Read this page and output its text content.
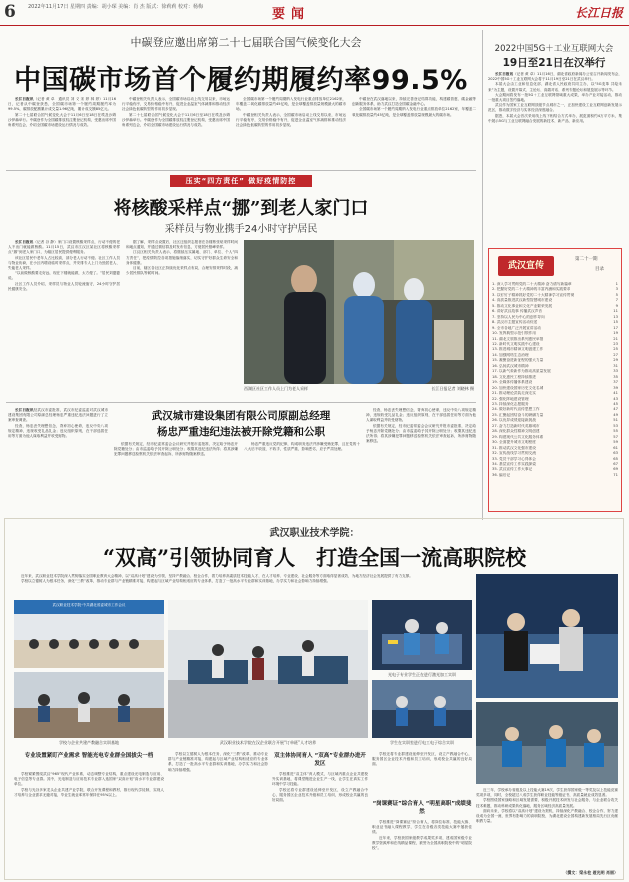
6 2022年11月17日 星期四 责编：胡小琛 美编：肖 杰 版式：徐莉莉 校对：杨梅	要闻	长江日报
中碳登应邀出席第二十七届联合国气候变化大会
中国碳市场首个履约期履约率99.5%

长江日报讯（记者 黄 卓　通讯员 刘 义 宋 婷 林 婷）11月16日，记者从中碳登获悉，全国碳市场第一个履约周期履约率为99.5%，碳排放配额累计成交量1.96亿吨，累计成交额85亿元。

第二十七届联合国气候变化大会于11月6日至18日在埃及沙姆沙伊赫举行。中碳登作为全国碳排放权注册登记机构，受邀出席中国角系列边会，介绍全国碳市场建设运行情况与成效。

中碳登相关负责人表示，全国碳市场启动上线交易以来，市场运行平稳有序，交易价格稳中有升，促进企业温室气体减排和推动经济社会绿色低碳转型的作用初步显现。

第二十七届联合国气候变化大会于11月6日至18日在埃及沙姆沙伊赫举行。中碳登作为全国碳排放权注册登记机构，受邀出席中国角系列边会，介绍全国碳市场建设运行情况与成效。

全国碳市场第一个履约周期纳入发电行业重点排放单位2162家，年覆盖二氧化碳排放量约45亿吨，是全球覆盖排放量规模最大的碳市场。

中碳登相关负责人表示，全国碳市场启动上线交易以来，市场运行平稳有序，交易价格稳中有升，促进企业温室气体减排和推动经济社会绿色低碳转型的作用初步显现。

中碳登在武汉落地以来，持续完善登记结算功能，构建碳普惠、碳金融等创新服务体系，助力武汉打造全国碳金融中心。

全国碳市场第一个履约周期纳入发电行业重点排放单位2162家，年覆盖二氧化碳排放量约45亿吨，是全球覆盖排放量规模最大的碳市场。

2022中国5G＋工业互联网大会
19日至21日在汉举行

长江日报讯（记者 黄 卓）11月16日，湖北省政府新闻办公室召开新闻发布会，2022中国5G＋工业互联网大会将于11月19日至21日在武汉举行。

本届大会由工业和信息化部、湖北省人民政府共同主办，以“5G变革 共绘未来”为主题，设置开幕式、主论坛、高端对话、系列专题论坛和展览展示等环节。

大会期间将发布一批5G＋工业互联网领域重大成果，举办产业对接活动，推动一批重大项目签约落地。

武汉作为国家工业互联网顶级节点城市之一，正加快建设工业互联网创新发展示范区，推动数字经济与实体经济深度融合。

据悉，本届大会首次采用线上线下相结合方式举办，展览面积约4万平方米，集中展示5G与工业互联网融合发展的新技术、新产品、新应用。

武汉宣传
第二十一期
目录
1. 深入学习贯彻党的二十大精神 奋力谱写新篇章	1
2. 把握好党的二十大精神的丰富内涵和实践要求	3
3. 以钉钉子精神抓好党的二十大精神学习宣传贯彻	5
4. 高质量推进武汉新型智慧城市建设	7
5. 推动文化事业和文化产业繁荣发展	9
6. 讲好武汉故事 传播武汉声音	11
7. 坚持以人民为中心的创作导向	13
8. 武汉市主题宣传活动综述	15
9. 全市各地广泛开展宣讲活动	17
10. 发挥典型示范引领作用	19
11. 湖北文旅推出系列惠民举措	21
12. 新时代文明实践中心建设	23
13. 推进城市精神文明创建工作	25
14. 加强网络生态治理	27
15. 凝聚奋进新征程的强大力量	29
16. 弘扬武汉城市精神	31
17. 以新气象新作为推动高质量发展	33
18. 文化惠民工程持续推进	35
19. 全媒体传播体系建设	37
20. 加快建设国家历史文化名城	39
21. 推动理论武装走深走实	41
22. 强化阵地建设管理	43
23. 持续深化志愿服务	45
24. 做好新时代宣传思想工作	47
25. 汇聚起团结奋斗的磅礴力量	49
26. 以优异成绩迎接新挑战	51
27. 奋力打造新时代英雄城市	53
28. 深化群众性精神文明创建	55
29. 构建现代公共文化服务体系	57
30. 全面提升城市文明程度	59
31. 推动武汉文化强市建设	61
32. 宣传战线学习贯彻交流	63
33. 党员干部学习心得体会	65
34. 基层宣传工作实践探索	67
35. 武汉宣传工作大事记	69
36. 编后记	71
压实“四方责任” 做好疫情防控
将核酸采样点“挪”到老人家门口
采样员与物业携手24小时守护居民

长江日报讯（记者 谷 静）家门口设置核酸采样点，行动不便的老人不出门就能做核酸。11月15日，武汉市江汉区某社区将核酸采样点“挪”到老人家门口，为辖区居民提供便利服务。

该社区居民中老年人占比较高，部分老人行动不便。社区工作人员与物业协商，在小区内增设临时采样点，并安排专人上门为独居老人、失能老人采样。

“以前做核酸要走好远，现在下楼就能做，太方便了。”居民刘婆婆说。

社区工作人员介绍，采样员与物业人员轮流值守，24小时守护居民健康安全。

据了解，采样点设置后，社区还组织志愿者在各楼栋张贴采样时间和地点通知，并通过微信群及时发布信息，方便居民错峰采样。

江汉区相关负责人表示，将继续压实属地、部门、单位、个人“四方责任”，把疫情防控各项措施落细落实，切实守护好群众生命安全和身体健康。

目前，辖区各社区正持续优化采样点布局，合理安排采样时段，减少居民排队等候时间。

西湖区社区工作人员上门为老人采样	长江日报记者 刘晓林 摄
武汉城市建设集团有限公司原副总经理
杨忠严重违纪违法被开除党籍和公职

长江日报讯经武汉市委批准，武汉市纪委监委对武汉城市建设集团有限公司原副总经理杨忠严重违纪违法问题进行了立案审查调查。

经查，杨忠丧失理想信念，背弃初心使命，违反中央八项规定精神，违规收受礼品礼金；违反组织原则，在干部选拔任用等方面为他人谋取利益并收受财物。

依据有关规定，经市纪委常委会会议研究并报市委批准，决定给予杨忠开除党籍处分；由市监委给予其开除公职处分；收缴其违纪违法所得；将其涉嫌犯罪问题移送检察机关依法审查起诉，所涉财物随案移送。

杨忠严重违反党的纪律，构成职务违法并涉嫌受贿犯罪，且在党的十八大后不收敛、不收手，性质严重，影响恶劣，应予严肃处理。

经查，杨忠丧失理想信念，背弃初心使命，违反中央八项规定精神，违规收受礼品礼金；违反组织原则，在干部选拔任用等方面为他人谋取利益并收受财物。

依据有关规定，经市纪委常委会会议研究并报市委批准，决定给予杨忠开除党籍处分；由市监委给予其开除公职处分；收缴其违纪违法所得；将其涉嫌犯罪问题移送检察机关依法审查起诉，所涉财物随案移送。

武汉职业技术学院：
“双高”引领协同育人　打造全国一流高职院校

近年来，武汉职业技术学院深入贯彻落实全国职业教育大会精神，以“双高计划”建设为引领，坚持产教融合、校企合作，着力培养高素质技术技能人才，在人才培养、专业建设、社会服务等方面取得显著成效，为地方经济社会发展提供了有力支撑。

学校以立德树人为根本任务，深化“三教”改革，推动专业群与产业链精准对接，构建起与区域产业结构相适应的专业体系，打造了一批高水平专业群和实训基地，办学实力和社会影响力持续增强。

武汉职业技术学院·中共湖北省委城市工作会议
学校与企业共建产教融合实训基地	武汉职业技术学院在汉企业联合开展“订单班”人才培养
光电子专业学生正在进行激光加工实训
学生在实训室进行电工电子综合实训
专业设置紧盯产业需求 智能光电专业群全国拔尖一档

学校紧紧围绕武汉“965”现代产业体系，动态调整专业结构，重点建设光电制造与应用、电子信息等专业群。其中，光电制造与应用技术专业群入选国家“双高计划”高水平专业群建设单位。

学校与光谷多家龙头企业共建产业学院，联合开发课程和教材，推行现代学徒制，实现人才培养与企业需求无缝对接，毕业生就业率常年保持在95%以上。

学校以立德树人为根本任务，深化“三教”改革，推动专业群与产业链精准对接，构建起与区域产业结构相适应的专业体系，打造了一批高水平专业群和实训基地，办学实力和社会影响力持续增强。

双主体协同育人 “双高”专业群办进开发区

学校推进“双主体”育人模式，与区域内重点企业共建校外实训基地，将课堂搬进企业生产一线，让学生在真实工作环境中学习技能。

学校还将专业群建设延伸至开发区，设立产教融合中心，服务园区企业技术升级和员工培训，形成校企共赢的良好局面。

“岗课赛证”综合育人 “明星高职”成绩斐然

学校还将专业群建设延伸至开发区，设立产教融合中心，服务园区企业技术升级和员工培训，形成校企共赢的良好局面。

学校推进“岗课赛证”综合育人，将岗位标准、技能大赛、职业证书融入课程教学，学生在各级各类技能大赛中屡获佳绩。

近年来，学校获国家级教学成果奖多项，建成国家级专业教学资源库和在线精品课程，被誉为全国高职院校中的“明星院校”。

近三年，学校承办省级及以上技能大赛19次，学生获得国家级一等奖及以上技能竞赛奖项多项，同时，全校超过八成学生获得职业技能等级证书，高质量就业成效显著。

学校围绕国家战略和区域发展需要，积极开展技术研发与社会服务，与企业联合攻关技术难题，推动科研成果转化落地，服务区域经济高质量发展。

面向未来，学校将以“双高计划”建设为契机，持续深化产教融合、校企合作，努力建设成为全国一流、世界有影响力的高职院校，为湖北建设全国构建新发展格局先行区贡献职教力量。

（撰文：梁永柱 聂光明 肖丽）
